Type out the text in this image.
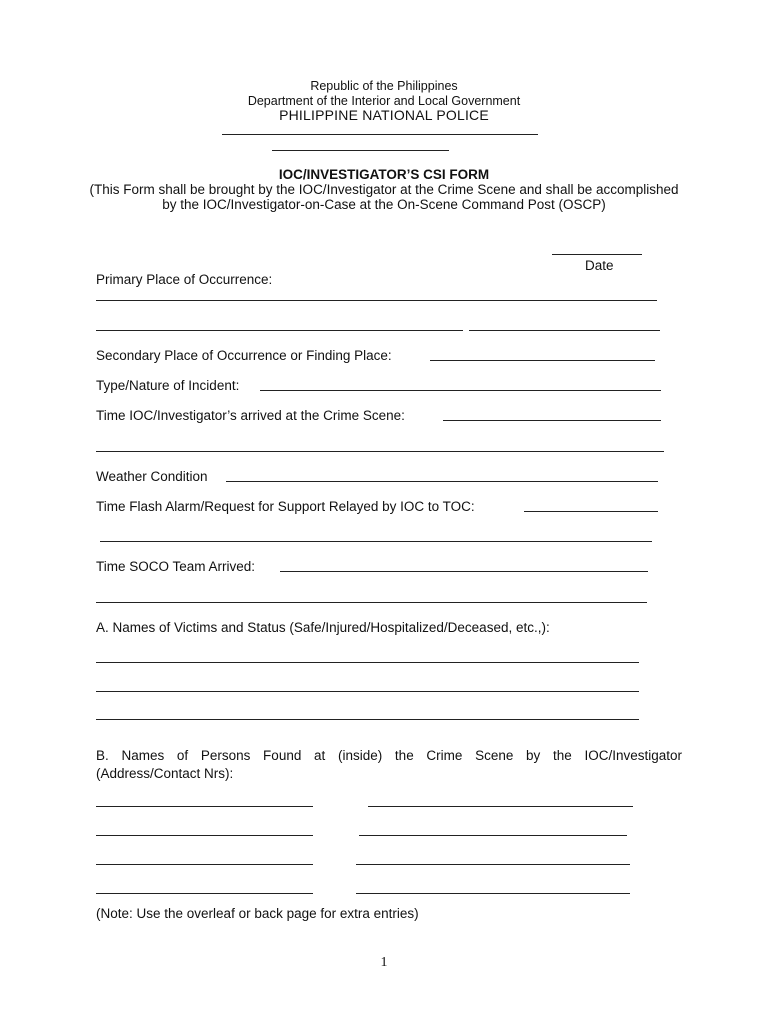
Republic of the Philippines
Department of the Interior and Local Government
PHILIPPINE NATIONAL POLICE
IOC/INVESTIGATOR’S CSI FORM
(This Form shall be brought by the IOC/Investigator at the Crime Scene and shall be accomplished by the IOC/Investigator-on-Case at the On-Scene Command Post (OSCP)
Date
Primary Place of Occurrence:
Secondary Place of Occurrence or Finding Place:
Type/Nature of Incident:
Time IOC/Investigator’s arrived at the Crime Scene:
Weather Condition
Time Flash Alarm/Request for Support Relayed by IOC to TOC:
Time SOCO Team Arrived:
A. Names of Victims and Status (Safe/Injured/Hospitalized/Deceased, etc.,):
B. Names of Persons Found at (inside) the Crime Scene by the IOC/Investigator (Address/Contact Nrs):
(Note: Use the overleaf or back page for extra entries)
1
